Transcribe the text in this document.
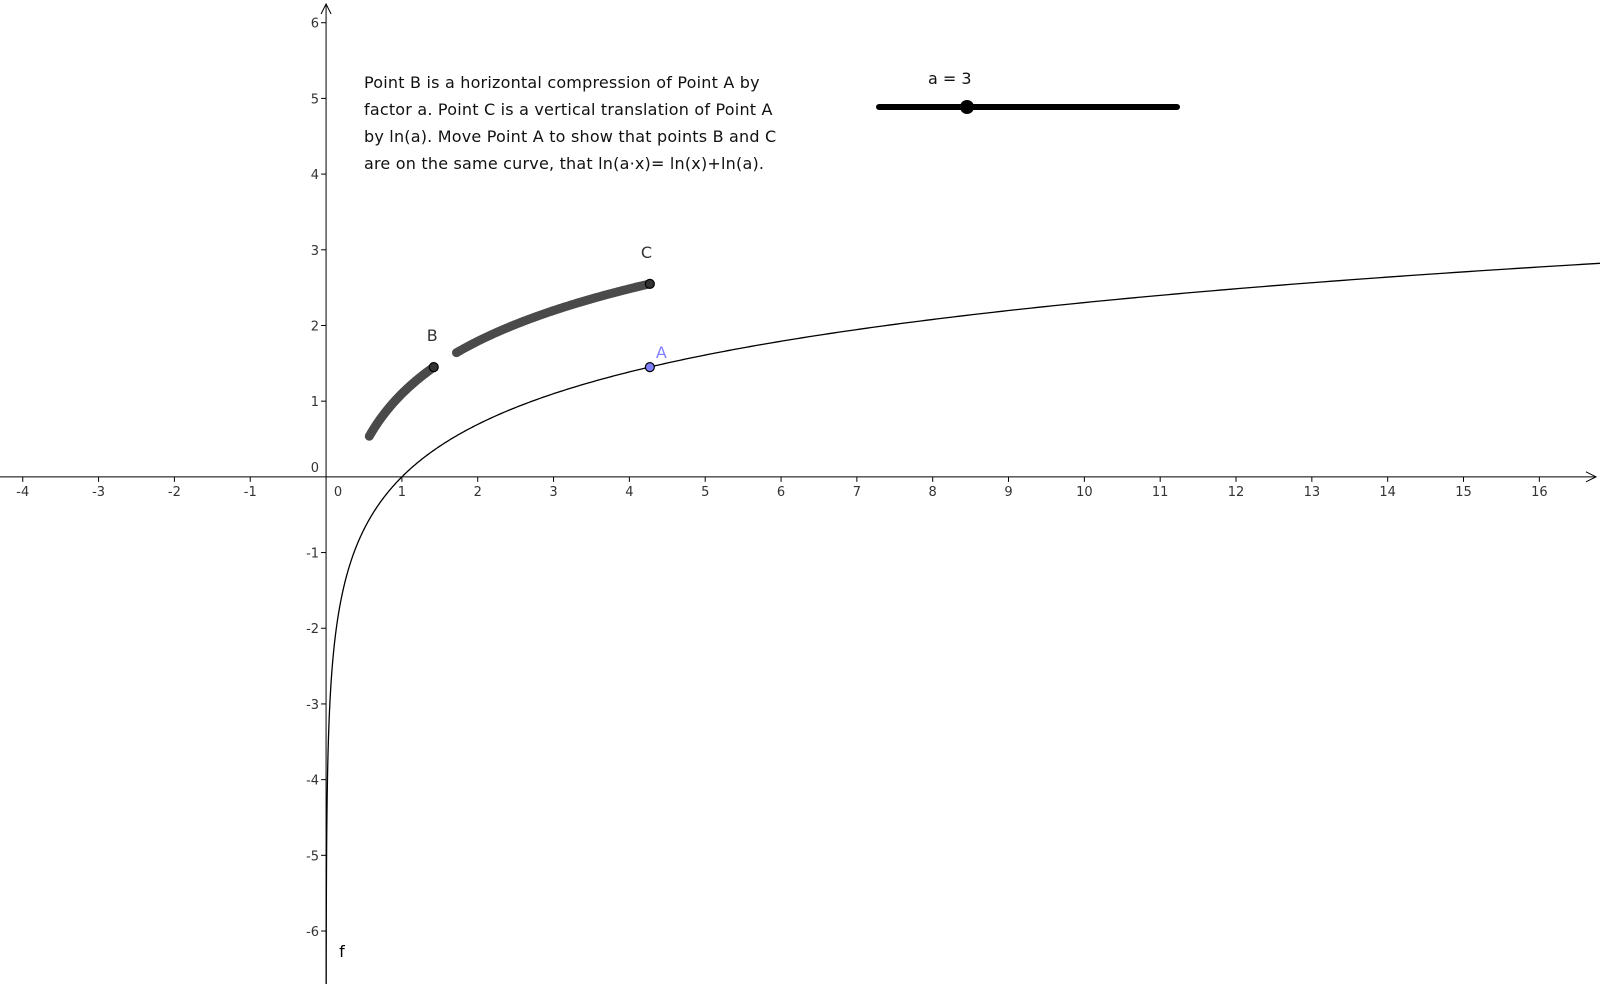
-4	-3	-2	-1	0	1	2	3	4	5	6	7	8	9	10	11	12	13	14	15	16
-6
-5
-4
-3
-2
-1
0
1
2
3
4
5
6
f
A
B
C
Point B is a horizontal compression of Point A by
factor a. Point C is a vertical translation of Point A
by ln(a). Move Point A to show that points B and C
are on the same curve, that ln(a·x)= ln(x)+ln(a).
a = 3
